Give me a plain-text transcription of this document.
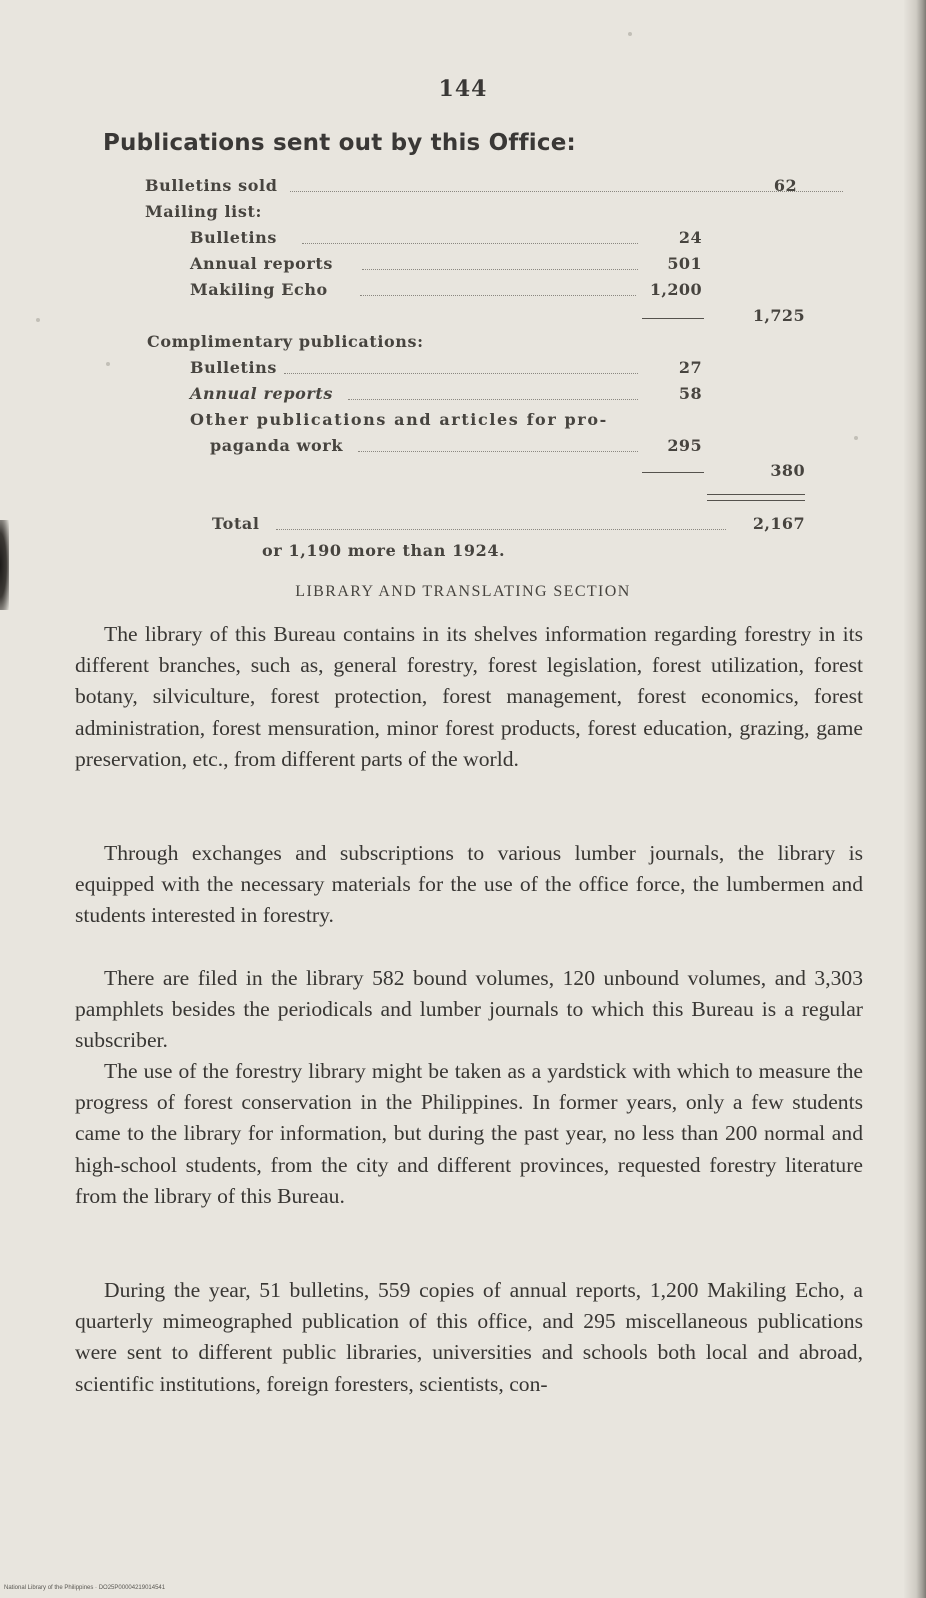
144
Publications sent out by this Office:
Bulletins sold	62
Mailing list:
Bulletins	24
Annual reports	501
Makiling Echo	1,200
1,725
Complimentary publications:
Bulletins	27
Annual reports	58
Other publications and articles for pro-
paganda work	295
380
Total	2,167
or 1,190 more than 1924.
LIBRARY AND TRANSLATING SECTION
The library of this Bureau contains in its shelves information regarding forestry in its different branches, such as, general forestry, forest legislation, forest utilization, forest botany, silviculture, forest protection, forest management, forest economics, forest administration, forest mensuration, minor forest products, forest education, grazing, game preservation, etc., from different parts of the world.
Through exchanges and subscriptions to various lumber journals, the library is equipped with the necessary materials for the use of the office force, the lumbermen and students interested in forestry.
There are filed in the library 582 bound volumes, 120 unbound volumes, and 3,303 pamphlets besides the periodicals and lumber journals to which this Bureau is a regular subscriber.
The use of the forestry library might be taken as a yardstick with which to measure the progress of forest conservation in the Philippines. In former years, only a few students came to the library for information, but during the past year, no less than 200 normal and high-school students, from the city and different provinces, requested forestry literature from the library of this Bureau.
During the year, 51 bulletins, 559 copies of annual reports, 1,200 Makiling Echo, a quarterly mimeographed publication of this office, and 295 miscellaneous publications were sent to different public libraries, universities and schools both local and abroad, scientific institutions, foreign foresters, scientists, con-
National Library of the Philippines · DO25P00004219014541
